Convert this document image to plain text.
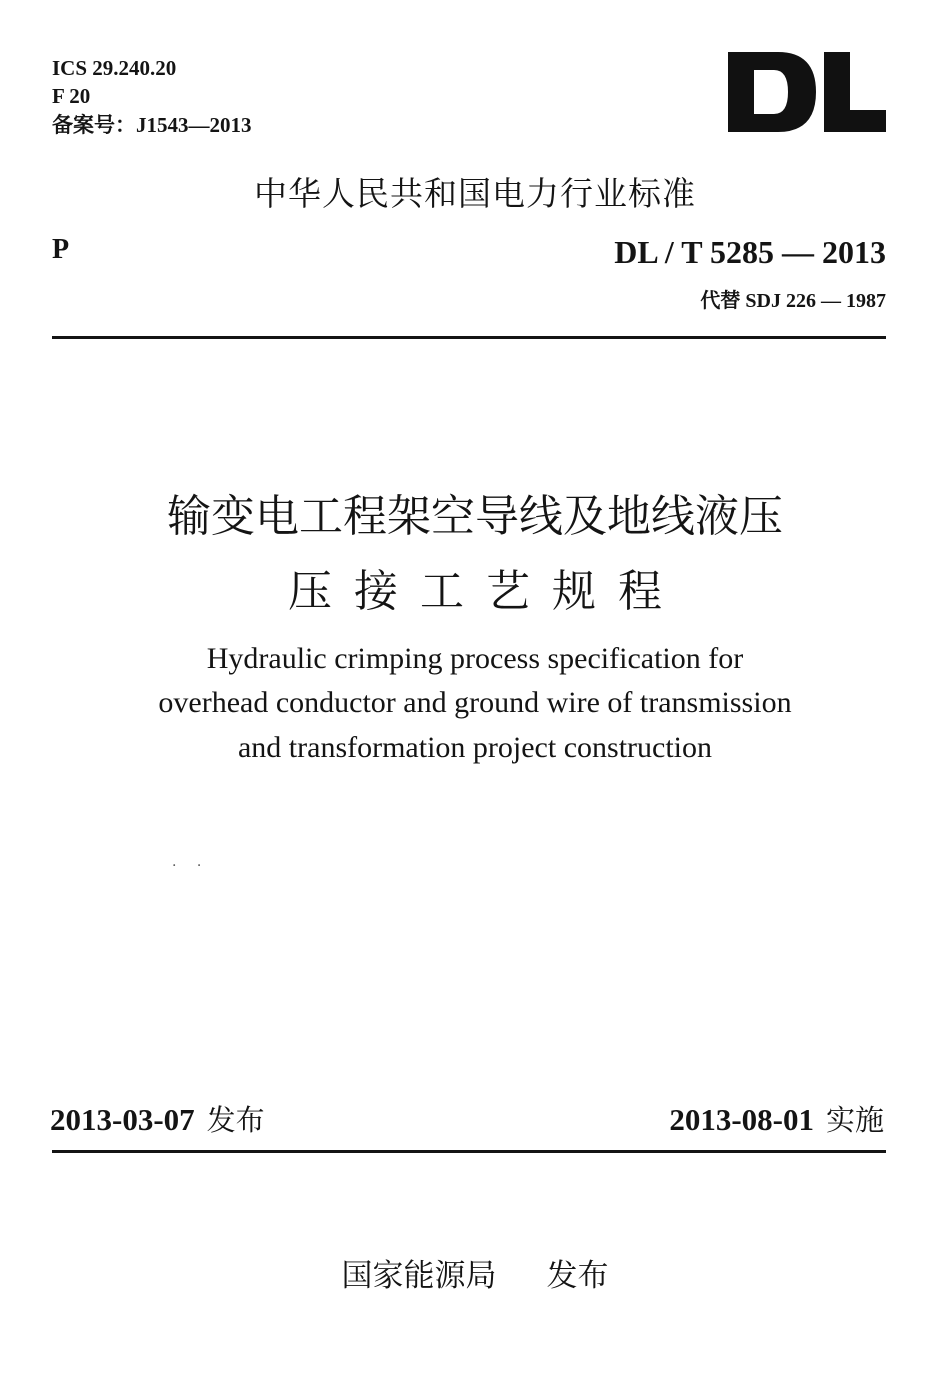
ICS 29.240.20
F 20
备案号：J1543—2013
中华人民共和国电力行业标准
P	DL / T 5285 — 2013
代替 SDJ 226 — 1987
输变电工程架空导线及地线液压
压接工艺规程
Hydraulic crimping process specification for
overhead conductor and ground wire of transmission
and transformation project construction
· ·
2013-03-07 发布	2013-08-01 实施
国家能源局 发布
